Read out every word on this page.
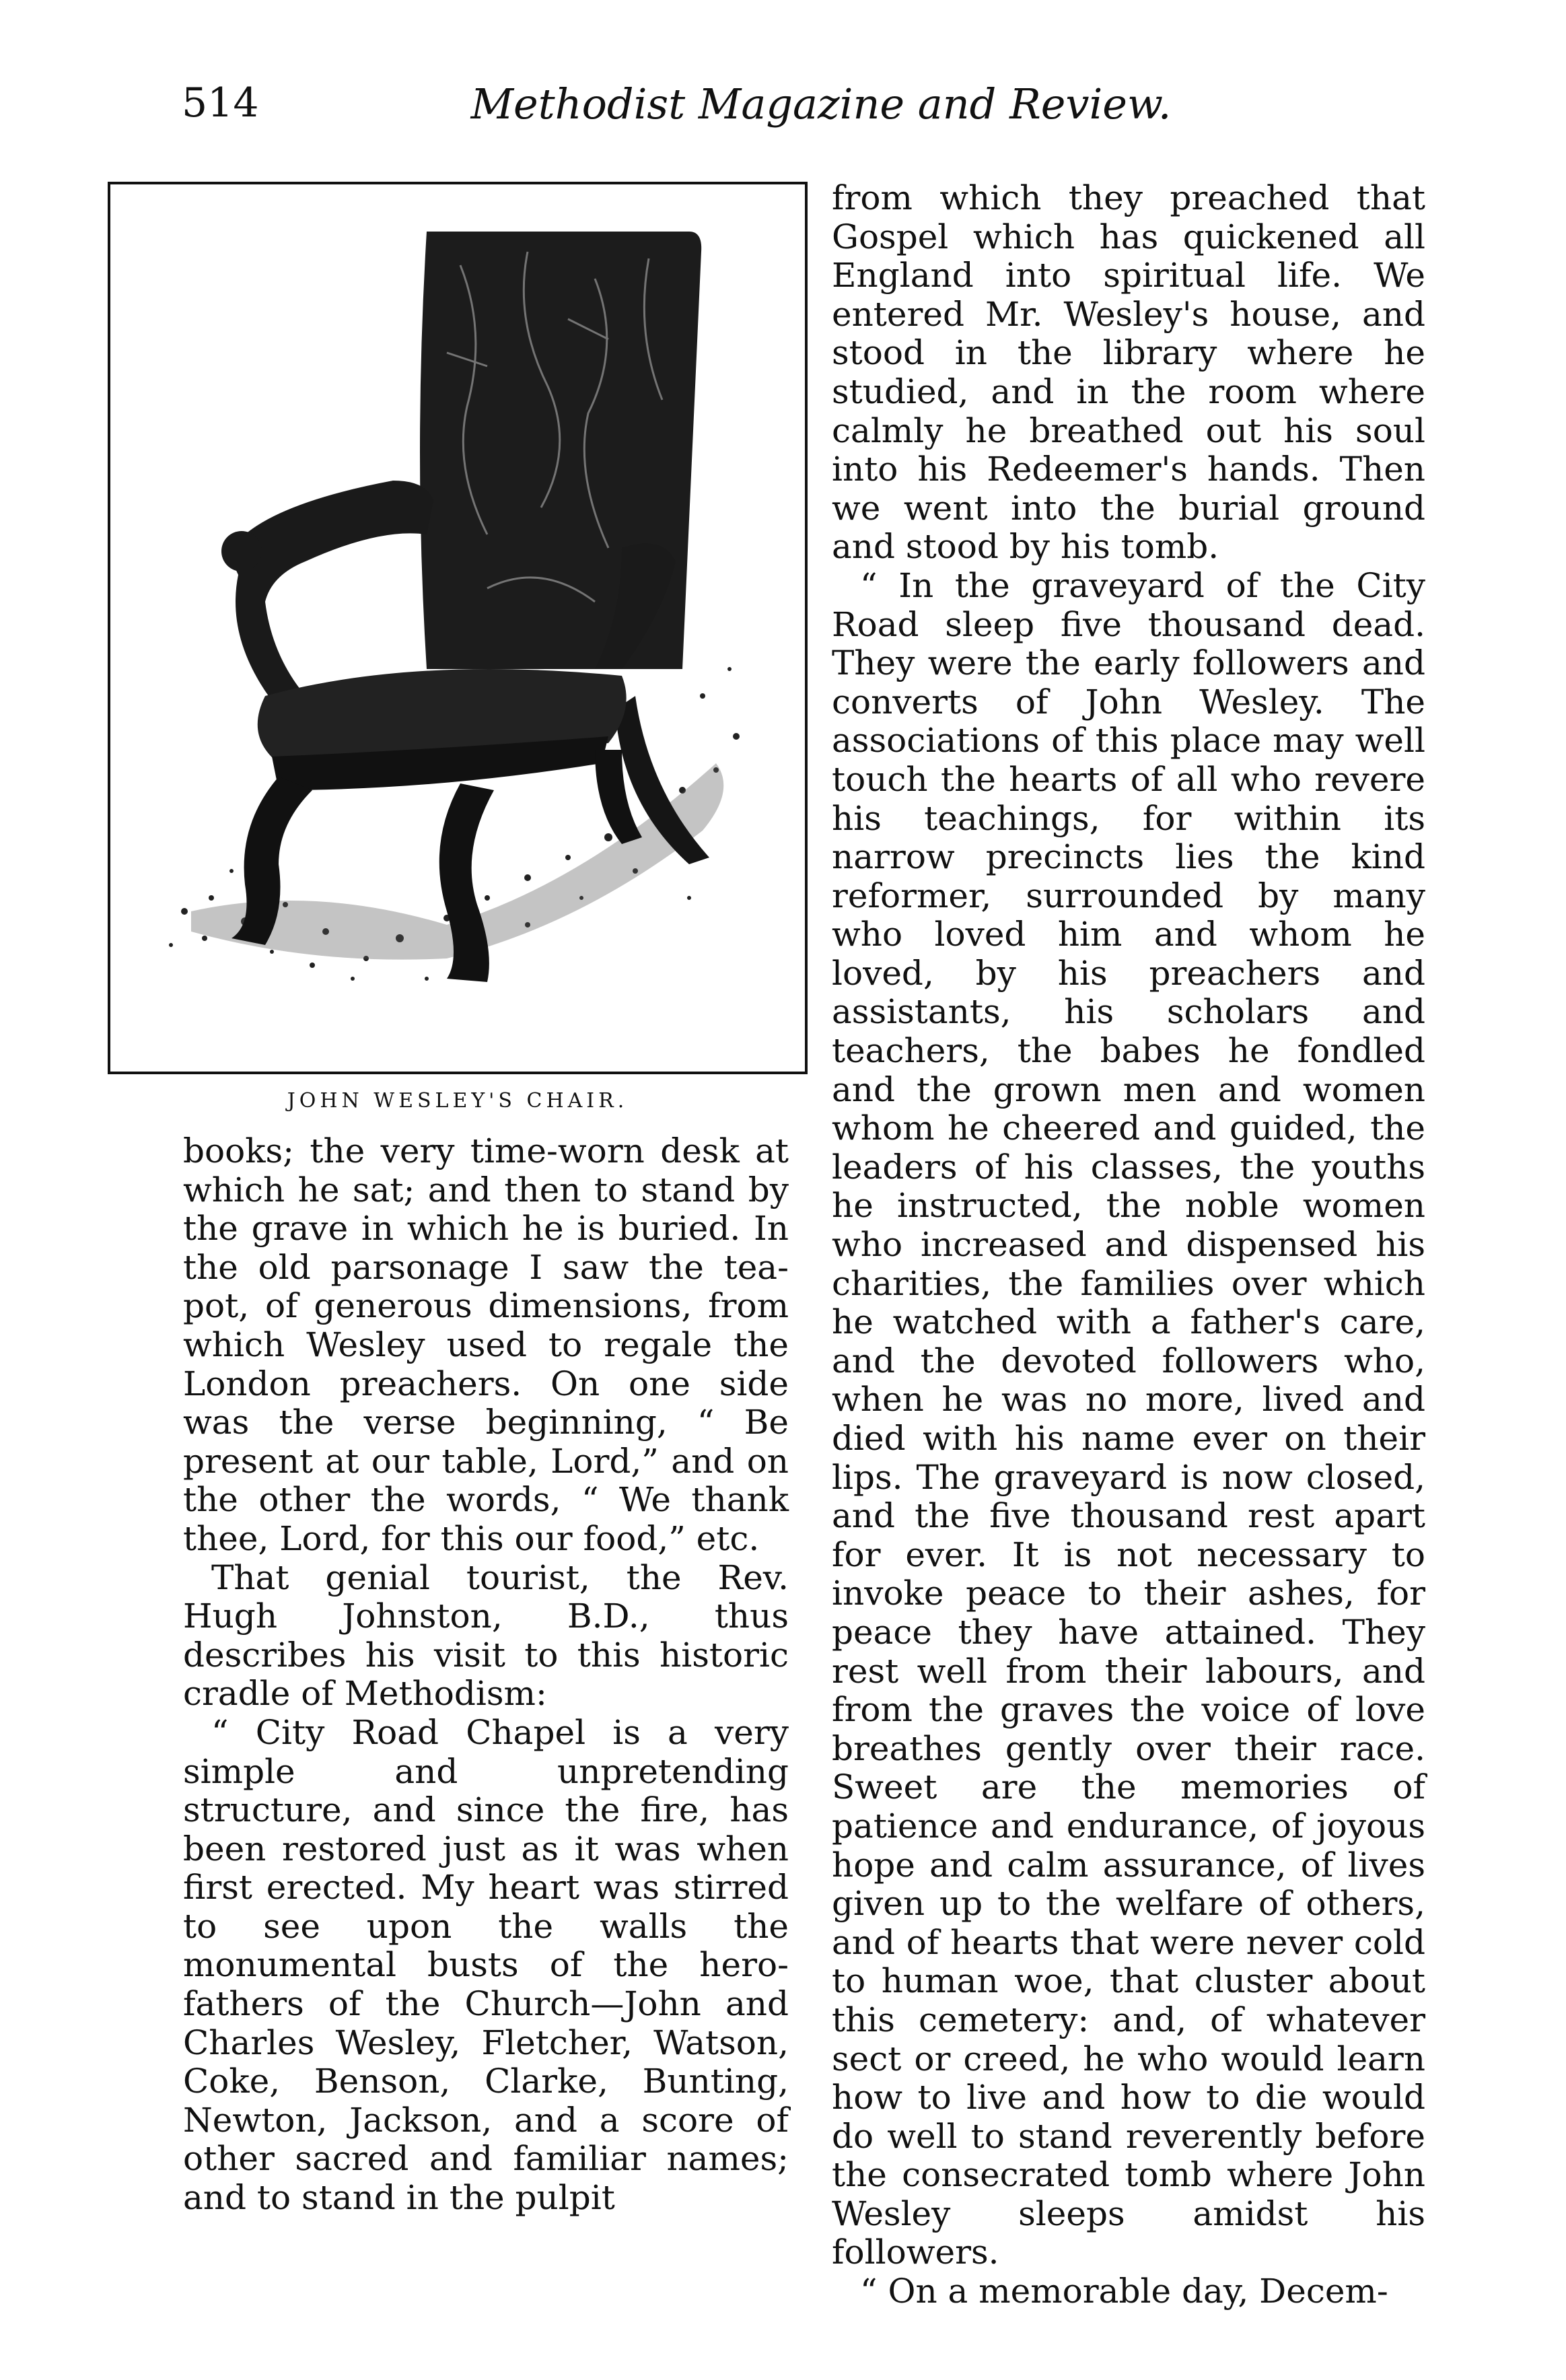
514	Methodist Magazine and Review.
JOHN WESLEY'S CHAIR.

books; the very time-worn desk at which he sat; and then to stand by the grave in which he is buried. In the old parsonage I saw the tea-pot, of generous dimensions, from which Wesley used to regale the London preachers. On one side was the verse beginning, “ Be present at our table, Lord,” and on the other the words, “ We thank thee, Lord, for this our food,” etc.

That genial tourist, the Rev. Hugh Johnston, B.D., thus describes his visit to this historic cradle of Methodism:

“ City Road Chapel is a very simple and unpretending structure, and since the fire, has been restored just as it was when first erected. My heart was stirred to see upon the walls the monumental busts of the hero-fathers of the Church—John and Charles Wesley, Fletcher, Watson, Coke, Benson, Clarke, Bunting, Newton, Jackson, and a score of other sacred and familiar names; and to stand in the pulpit

from which they preached that Gospel which has quickened all England into spiritual life. We entered Mr. Wesley's house, and stood in the library where he studied, and in the room where calmly he breathed out his soul into his Redeemer's hands. Then we went into the burial ground and stood by his tomb.

“ In the graveyard of the City Road sleep five thousand dead. They were the early followers and converts of John Wesley. The associations of this place may well touch the hearts of all who revere his teachings, for within its narrow precincts lies the kind reformer, surrounded by many who loved him and whom he loved, by his preachers and assistants, his scholars and teachers, the babes he fondled and the grown men and women whom he cheered and guided, the leaders of his classes, the youths he instructed, the noble women who increased and dispensed his charities, the families over which he watched with a father's care, and the devoted followers who, when he was no more, lived and died with his name ever on their lips. The graveyard is now closed, and the five thousand rest apart for ever. It is not necessary to invoke peace to their ashes, for peace they have attained. They rest well from their labours, and from the graves the voice of love breathes gently over their race. Sweet are the memories of patience and endurance, of joyous hope and calm assurance, of lives given up to the welfare of others, and of hearts that were never cold to human woe, that cluster about this cemetery: and, of whatever sect or creed, he who would learn how to live and how to die would do well to stand reverently before the consecrated tomb where John Wesley sleeps amidst his followers.

“ On a memorable day, Decem-
